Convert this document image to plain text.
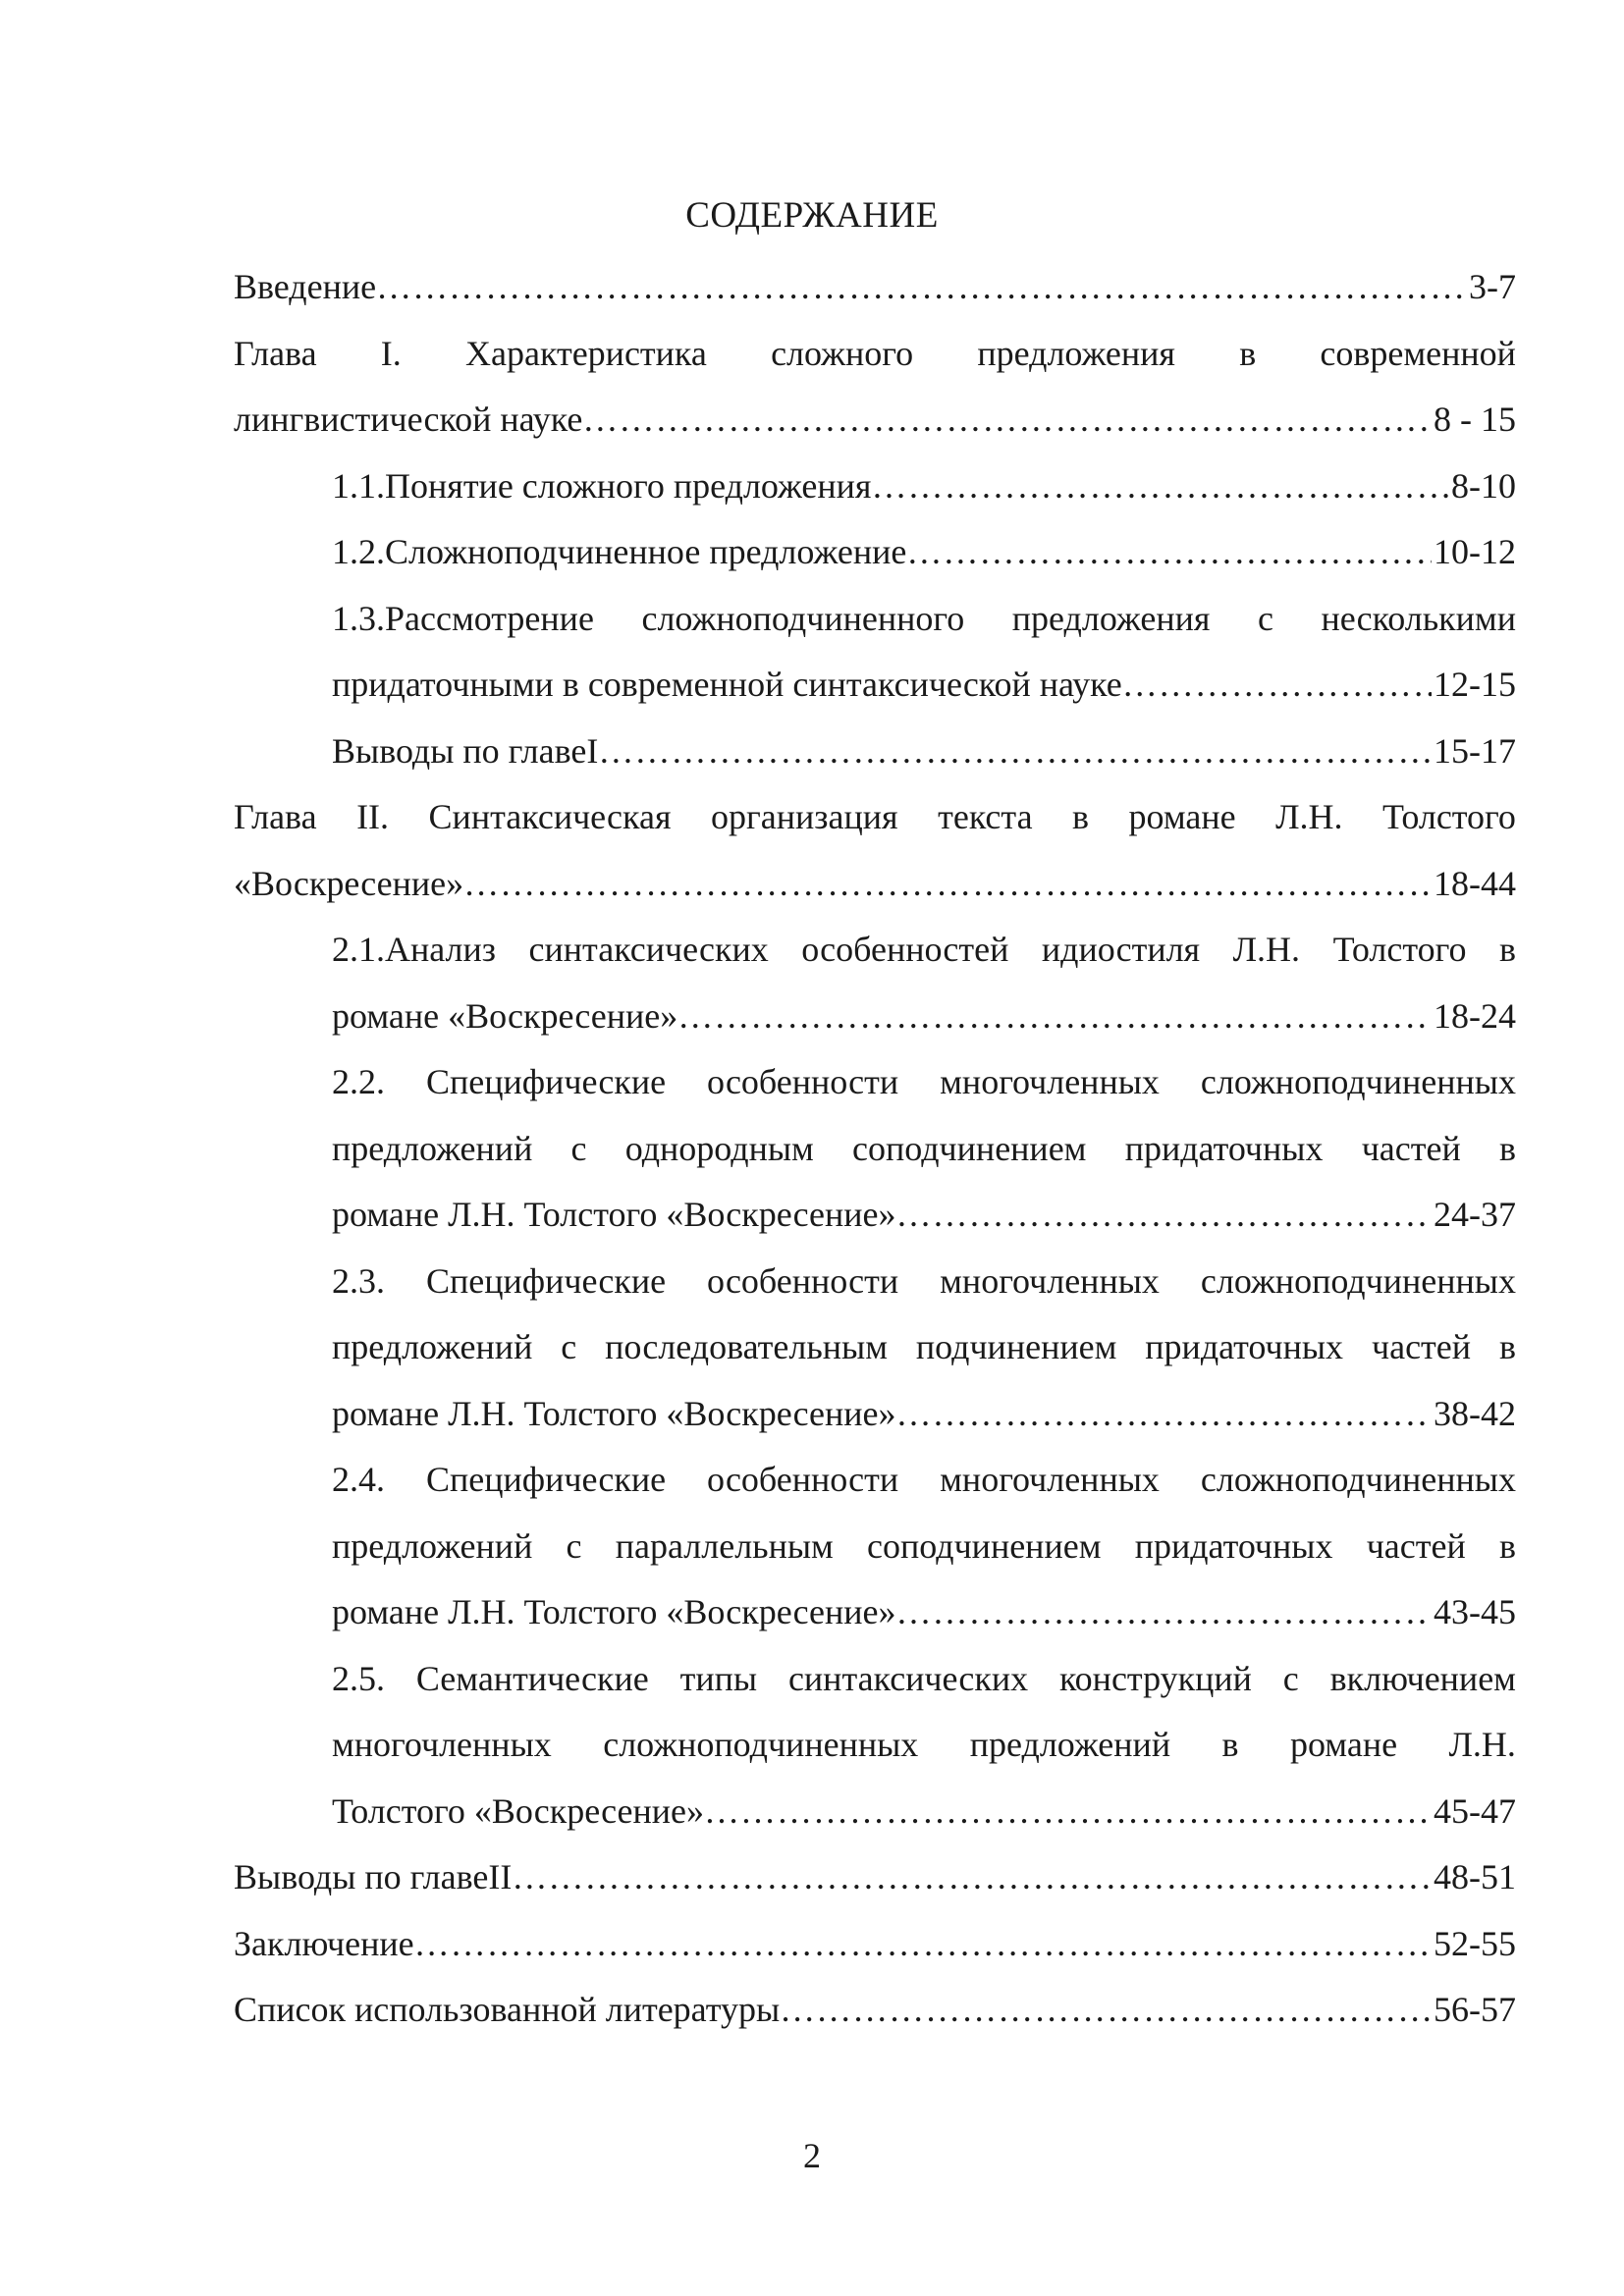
СОДЕРЖАНИЕ
Введение ……………………………………………………………………………………………………………………………………………………………………………	3-7
Глава I. Характеристика сложного предложения в современной
лингвистической науке ……………………………………………………………………………………………………………………………………………………………………………	8 - 15
1.1.Понятие сложного предложения ……………………………………………………………………………………………………………………………………………………………………………	8-10
1.2.Сложноподчиненное предложение ……………………………………………………………………………………………………………………………………………………………………………	10-12
1.3.Рассмотрение сложноподчиненного предложения с несколькими
придаточными в современной синтаксической науке ……………………………………………………………………………………………………………………………………………………………………………	12-15
Выводы по главеI ……………………………………………………………………………………………………………………………………………………………………………	15-17
Глава II. Синтаксическая организация текста в романе Л.Н. Толстого
«Воскресение» ……………………………………………………………………………………………………………………………………………………………………………	18-44
2.1.Анализ синтаксических особенностей идиостиля Л.Н. Толстого в
романе «Воскресение» ……………………………………………………………………………………………………………………………………………………………………………	18-24
2.2. Специфические особенности многочленных сложноподчиненных
предложений с однородным соподчинением придаточных частей в
романе Л.Н. Толстого «Воскресение» ……………………………………………………………………………………………………………………………………………………………………………	24-37
2.3. Специфические особенности многочленных сложноподчиненных
предложений с последовательным подчинением придаточных частей в
романе Л.Н. Толстого «Воскресение» ……………………………………………………………………………………………………………………………………………………………………………	38-42
2.4. Специфические особенности многочленных сложноподчиненных
предложений с параллельным соподчинением придаточных частей в
романе Л.Н. Толстого «Воскресение» ……………………………………………………………………………………………………………………………………………………………………………	43-45
2.5. Семантические типы синтаксических конструкций с включением
многочленных сложноподчиненных предложений в романе Л.Н.
Толстого «Воскресение» ……………………………………………………………………………………………………………………………………………………………………………	45-47
Выводы по главеII ……………………………………………………………………………………………………………………………………………………………………………	48-51
Заключение ……………………………………………………………………………………………………………………………………………………………………………	52-55
Список использованной литературы ……………………………………………………………………………………………………………………………………………………………………………	56-57
2
